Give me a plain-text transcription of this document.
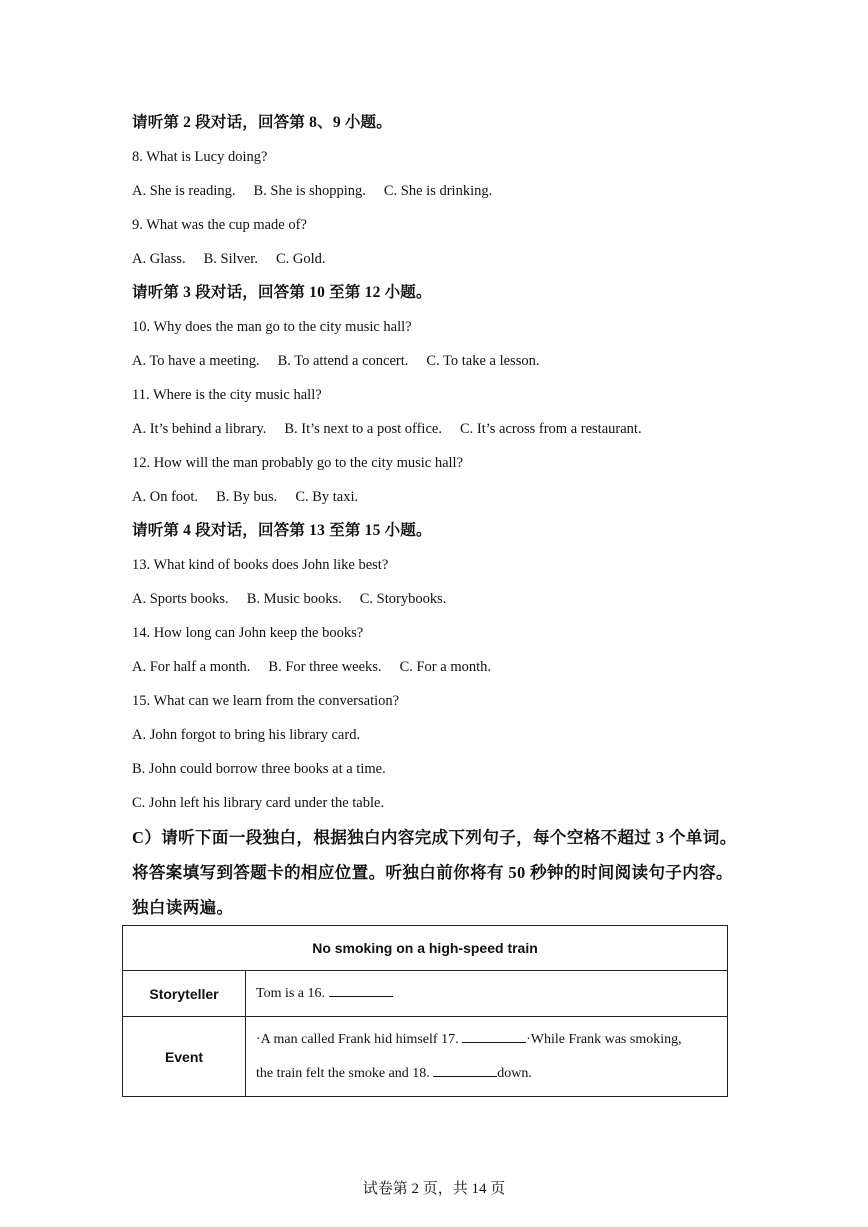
请听第 2 段对话，回答第 8、9 小题。
8. What is Lucy doing?
A. She is reading. B. She is shopping. C. She is drinking.
9. What was the cup made of?
A. Glass. B. Silver. C. Gold.
请听第 3 段对话，回答第 10 至第 12 小题。
10. Why does the man go to the city music hall?
A. To have a meeting. B. To attend a concert. C. To take a lesson.
11. Where is the city music hall?
A. It’s behind a library. B. It’s next to a post office. C. It’s across from a restaurant.
12. How will the man probably go to the city music hall?
A. On foot. B. By bus. C. By taxi.
请听第 4 段对话，回答第 13 至第 15 小题。
13. What kind of books does John like best?
A. Sports books. B. Music books. C. Storybooks.
14. How long can John keep the books?
A. For half a month. B. For three weeks. C. For a month.
15. What can we learn from the conversation?
A. John forgot to bring his library card.
B. John could borrow three books at a time.
C. John left his library card under the table.
C）请听下面一段独白，根据独白内容完成下列句子，每个空格不超过 3 个单词。
将答案填写到答题卡的相应位置。听独白前你将有 50 秒钟的时间阅读句子内容。
独白读两遍。
No smoking on a high-speed train	
Storyteller	Tom is a 16.
Event	·A man called Frank hid himself 17. ·While Frank was smoking,
the train felt the smoke and 18. down.
试卷第 2 页，共 14 页
